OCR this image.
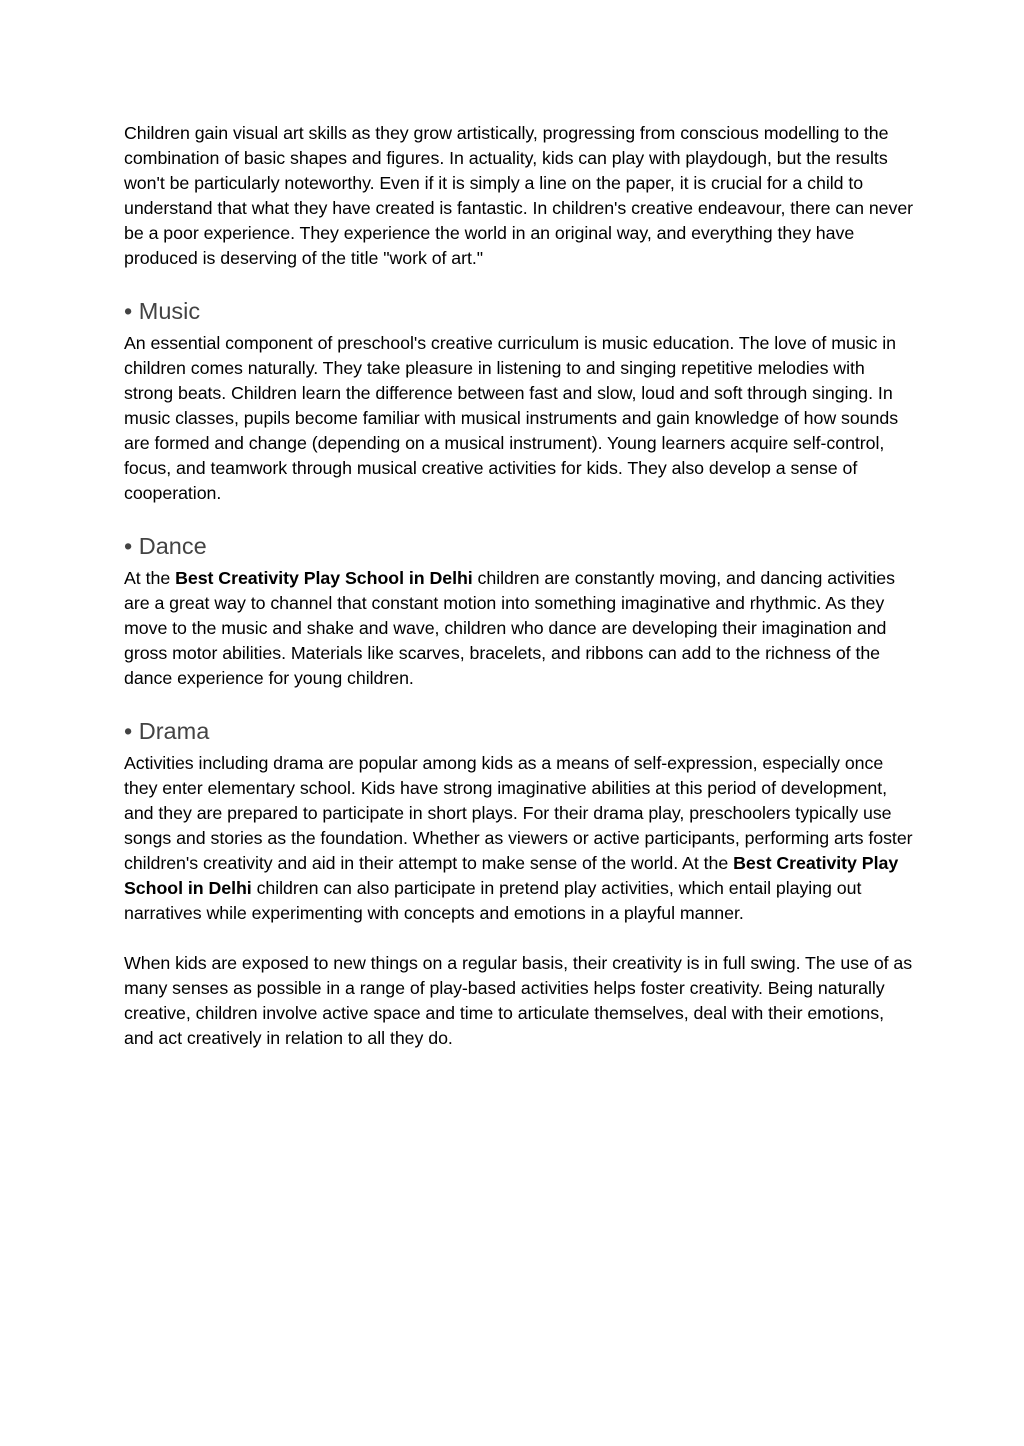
Children gain visual art skills as they grow artistically, progressing from conscious modelling to the combination of basic shapes and figures. In actuality, kids can play with playdough, but the results won't be particularly noteworthy. Even if it is simply a line on the paper, it is crucial for a child to understand that what they have created is fantastic. In children's creative endeavour, there can never be a poor experience. They experience the world in an original way, and everything they have produced is deserving of the title "work of art."

• Music

An essential component of preschool's creative curriculum is music education. The love of music in children comes naturally. They take pleasure in listening to and singing repetitive melodies with strong beats. Children learn the difference between fast and slow, loud and soft through singing. In music classes, pupils become familiar with musical instruments and gain knowledge of how sounds are formed and change (depending on a musical instrument). Young learners acquire self-control, focus, and teamwork through musical creative activities for kids. They also develop a sense of cooperation.

• Dance

At the Best Creativity Play School in Delhi children are constantly moving, and dancing activities are a great way to channel that constant motion into something imaginative and rhythmic. As they move to the music and shake and wave, children who dance are developing their imagination and gross motor abilities. Materials like scarves, bracelets, and ribbons can add to the richness of the dance experience for young children.

• Drama

Activities including drama are popular among kids as a means of self-expression, especially once they enter elementary school. Kids have strong imaginative abilities at this period of development, and they are prepared to participate in short plays. For their drama play, preschoolers typically use songs and stories as the foundation. Whether as viewers or active participants, performing arts foster children's creativity and aid in their attempt to make sense of the world. At the Best Creativity Play School in Delhi children can also participate in pretend play activities, which entail playing out narratives while experimenting with concepts and emotions in a playful manner.

When kids are exposed to new things on a regular basis, their creativity is in full swing. The use of as many senses as possible in a range of play-based activities helps foster creativity. Being naturally creative, children involve active space and time to articulate themselves, deal with their emotions, and act creatively in relation to all they do.
